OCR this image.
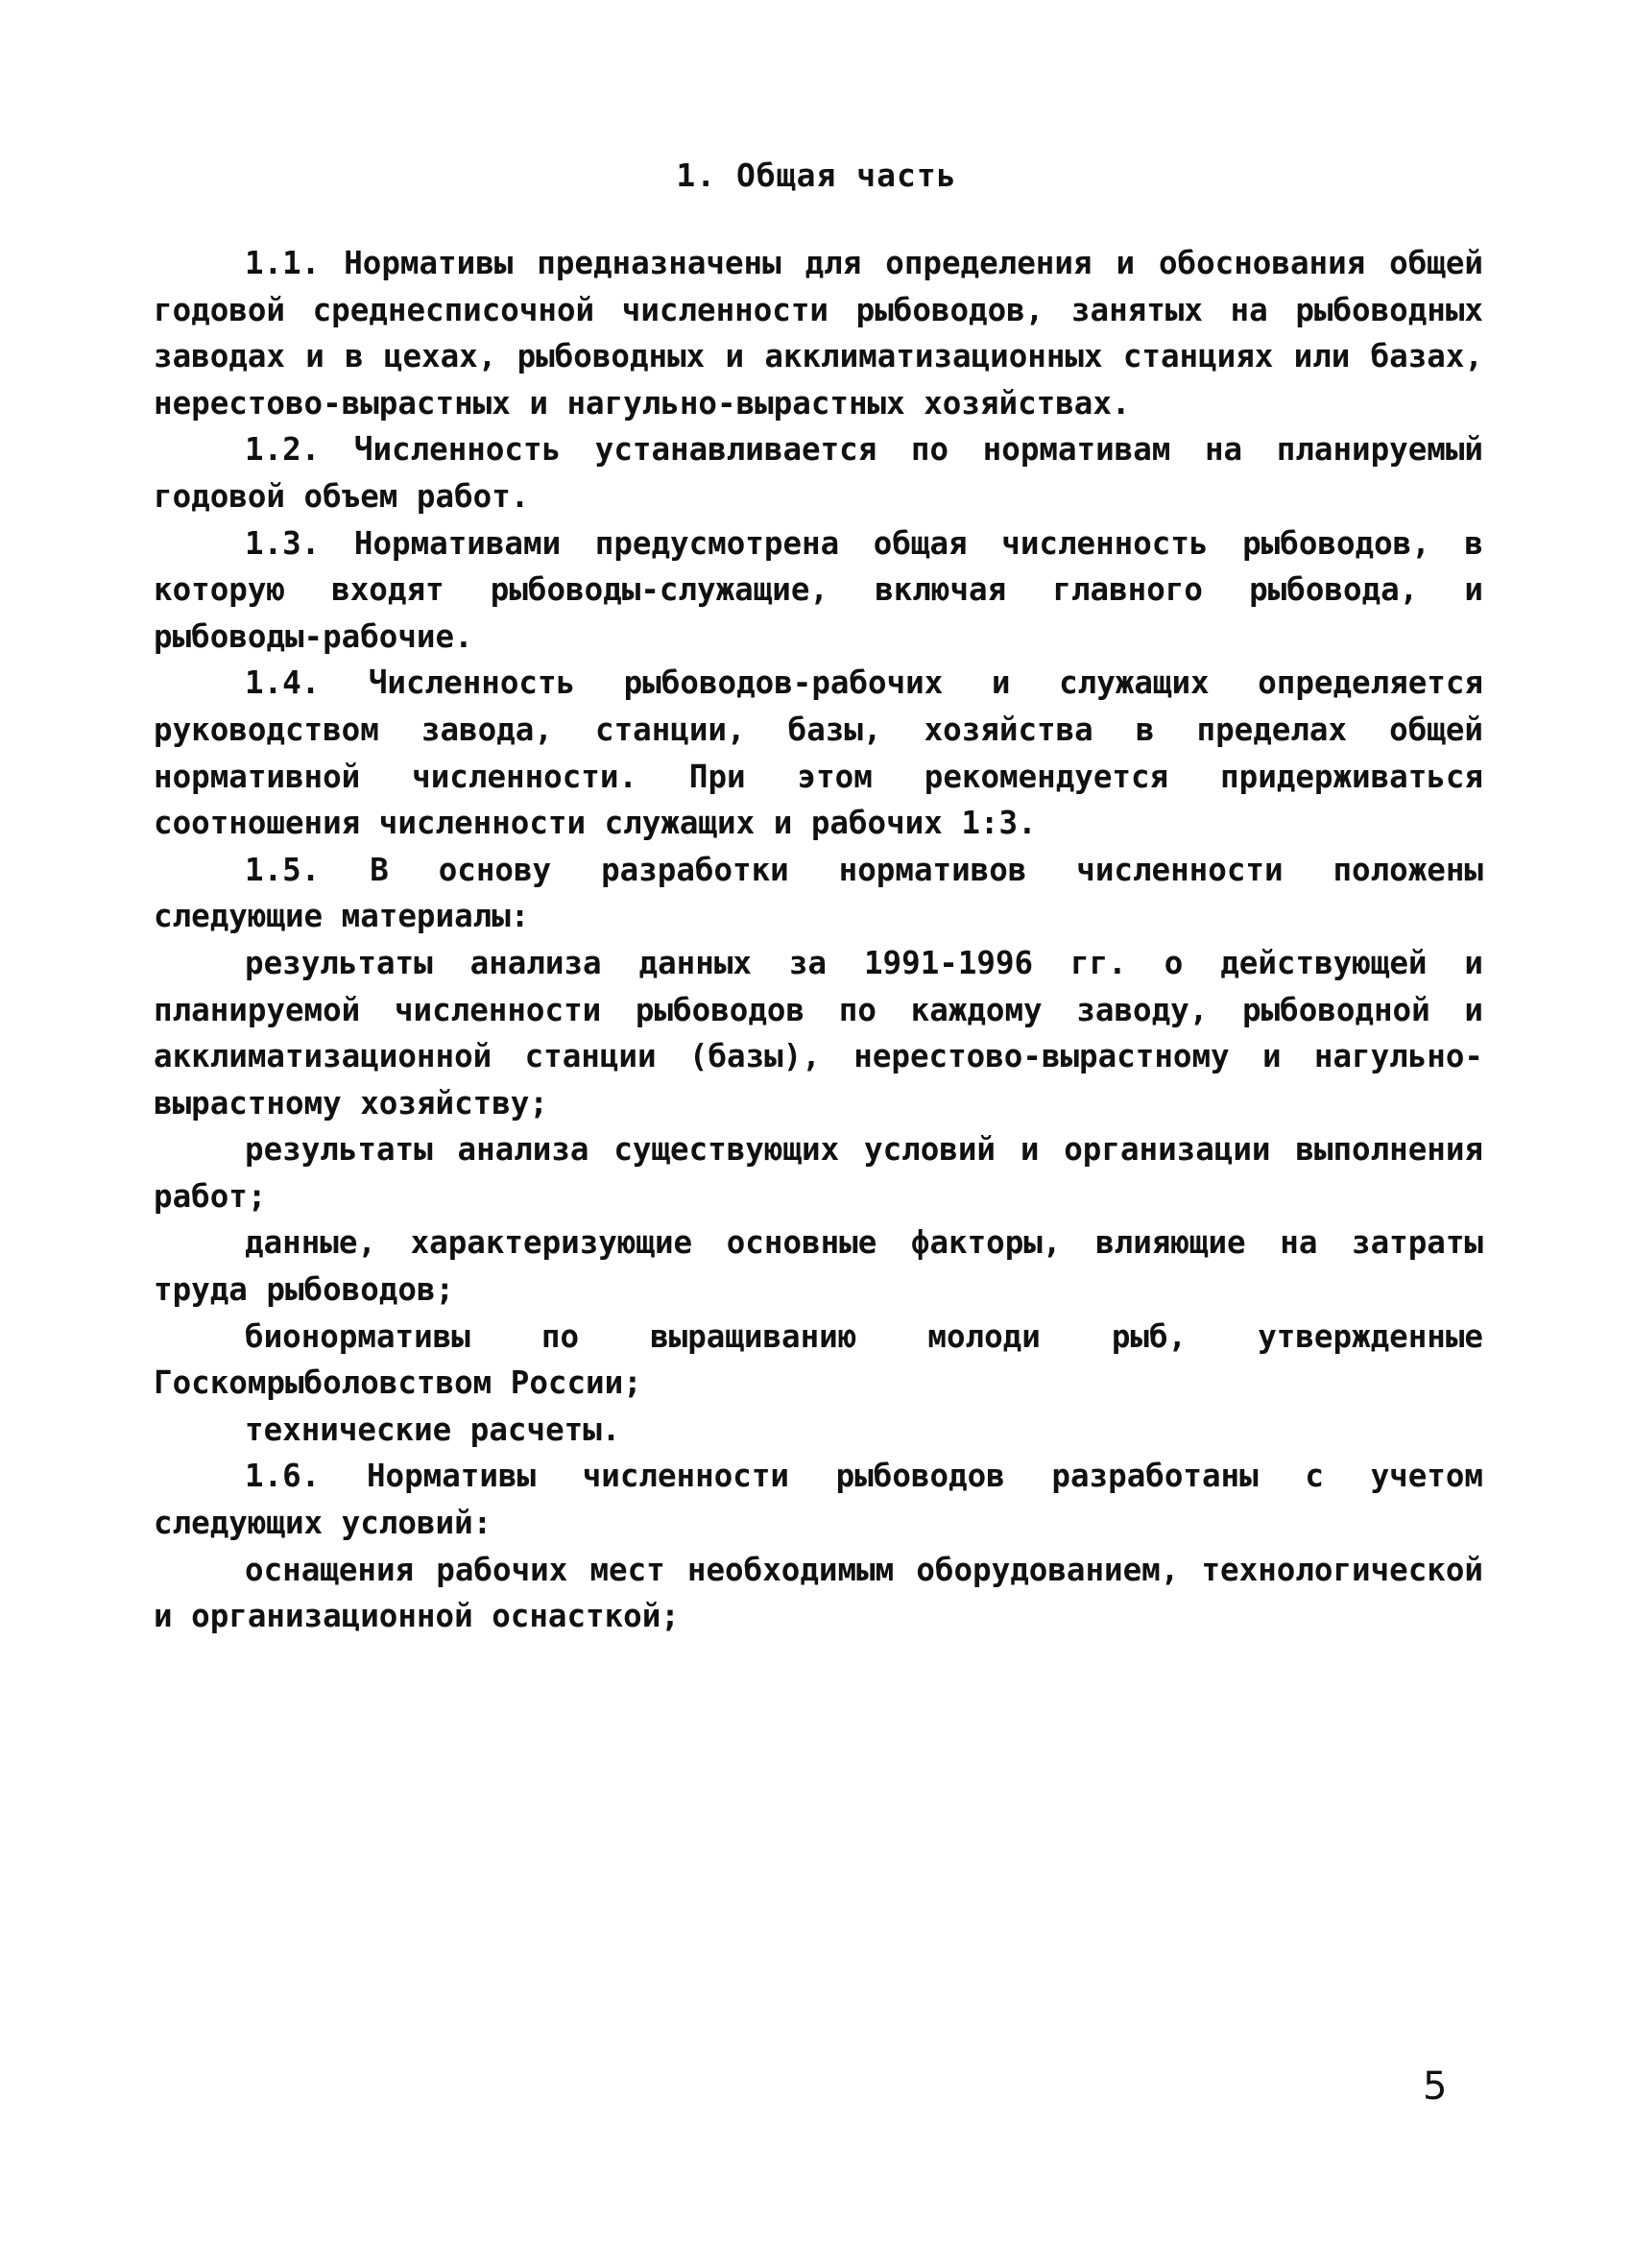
1. Общая часть

1.1. Нормативы предназначены для определения и обоснования общей годовой среднесписочной численности рыбоводов, занятых на рыбоводных заводах и в цехах, рыбоводных и акклиматизационных станциях или базах, нерестово-вырастных и нагульно-вырастных хозяйствах.

1.2. Численность устанавливается по нормативам на планируемый годовой объем работ.

1.3. Нормативами предусмотрена общая численность рыбоводов, в которую входят рыбоводы-служащие, включая главного рыбовода, и рыбоводы-рабочие.

1.4. Численность рыбоводов-рабочих и служащих определяется руководством завода, станции, базы, хозяйства в пределах общей нормативной численности. При этом рекомендуется придерживаться соотношения численности служащих и рабочих 1:3.

1.5. В основу разработки нормативов численности положены следующие материалы:

результаты анализа данных за 1991-1996 гг. о действующей и планируемой численности рыбоводов по каждому заводу, рыбоводной и акклиматизационной станции (базы), нерестово-вырастному и нагульно-вырастному хозяйству;

результаты анализа существующих условий и организации выполнения работ;

данные, характеризующие основные факторы, влияющие на затраты труда рыбоводов;

бионормативы по выращиванию молоди рыб, утвержденные Госкомрыболовством России;

технические расчеты.

1.6. Нормативы численности рыбоводов разработаны с учетом следующих условий:

оснащения рабочих мест необходимым оборудованием, технологической и организационной оснасткой;

5
